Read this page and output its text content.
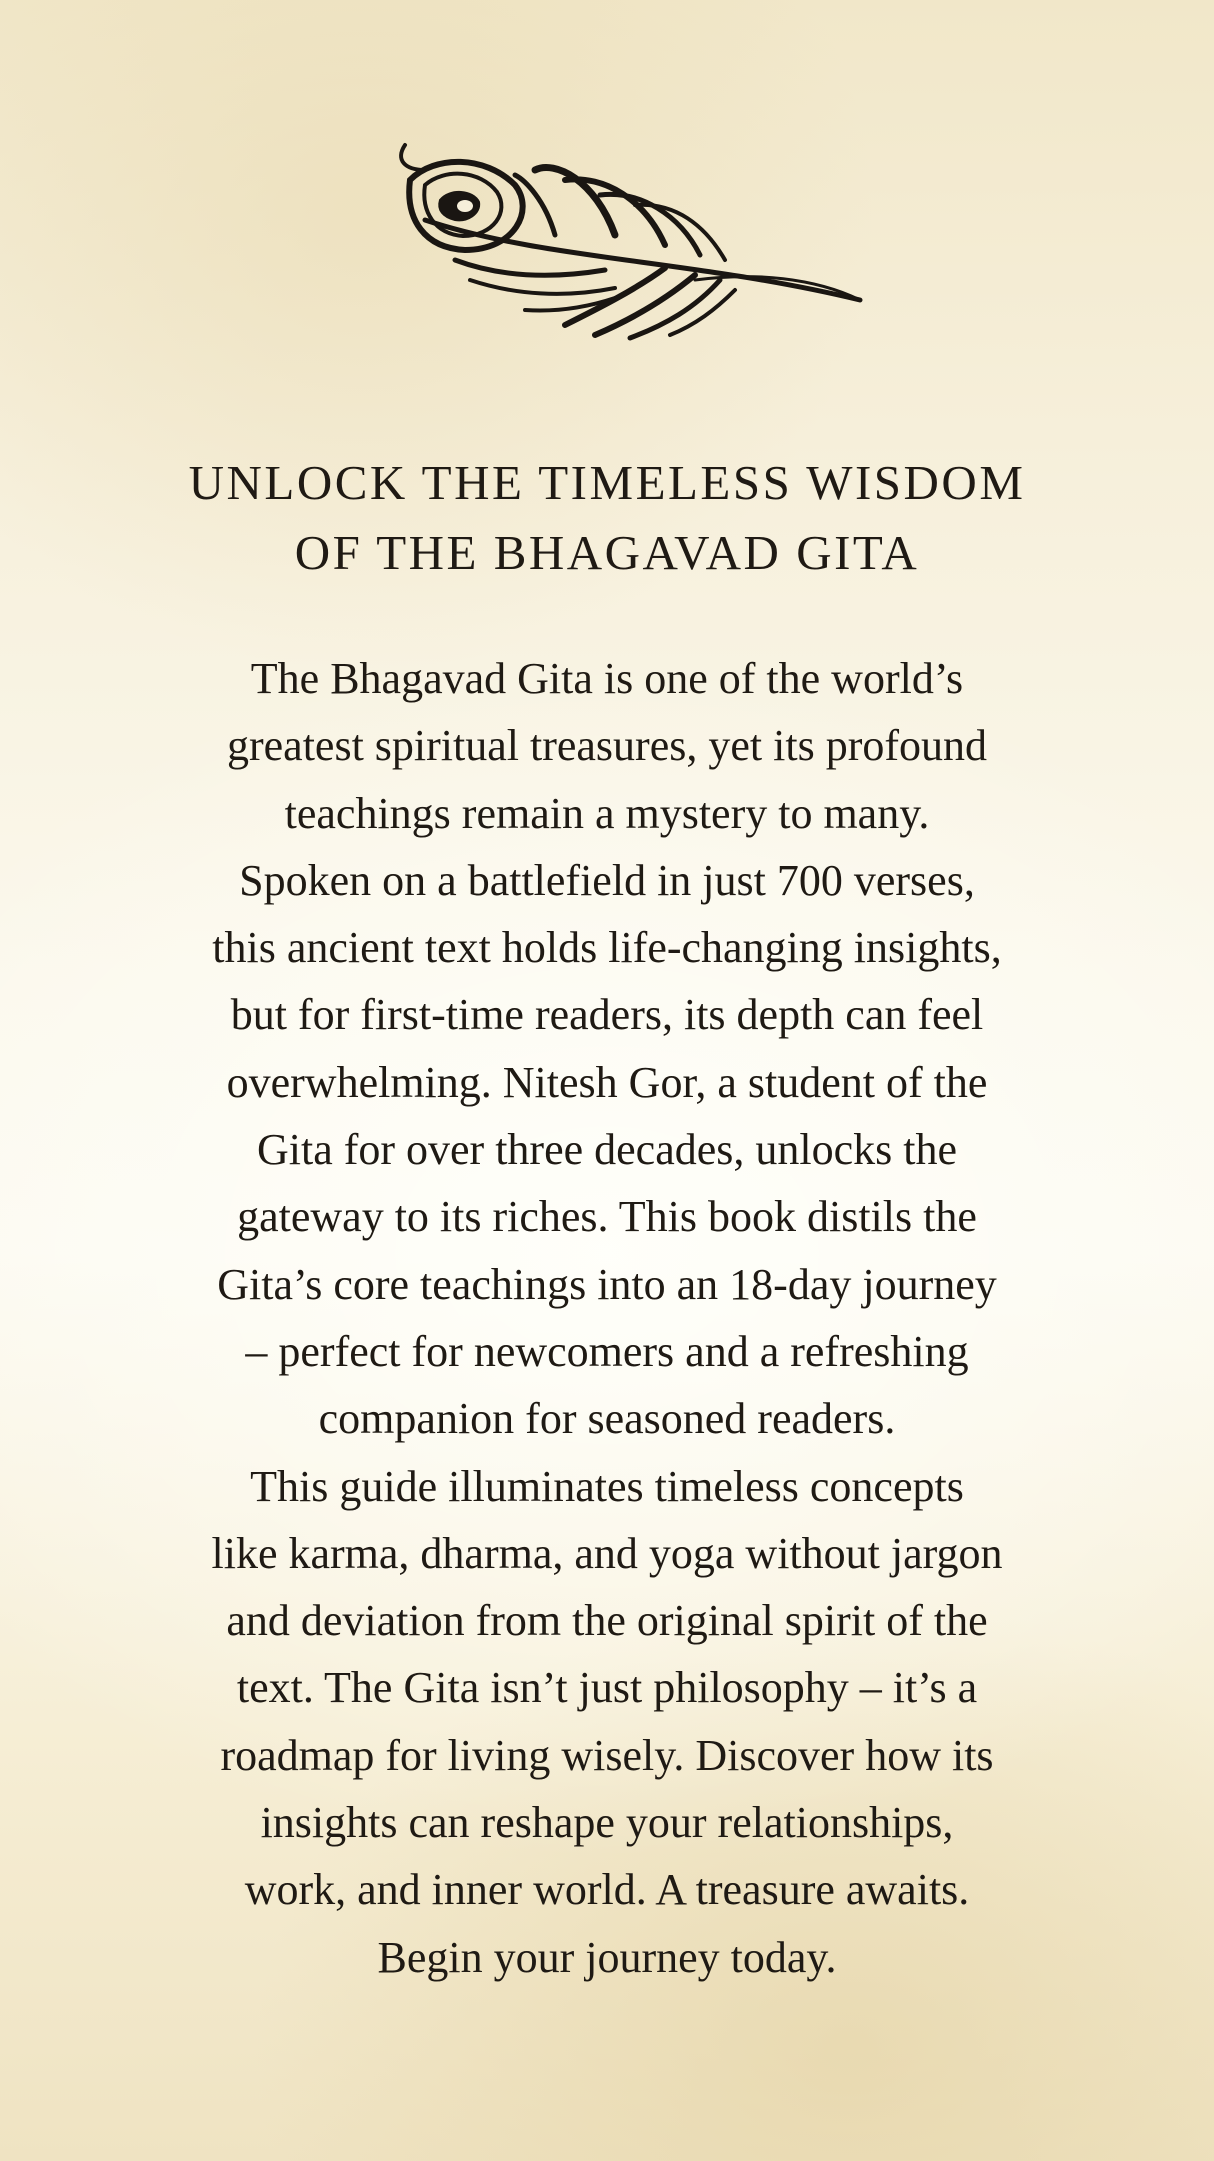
UNLOCK THE TIMELESS WISDOM
OF THE BHAGAVAD GITA
The Bhagavad Gita is one of the world’s
greatest spiritual treasures, yet its profound
teachings remain a mystery to many.
Spoken on a battlefield in just 700 verses,
this ancient text holds life-changing insights,
but for first-time readers, its depth can feel
overwhelming. Nitesh Gor, a student of the
Gita for over three decades, unlocks the
gateway to its riches. This book distils the
Gita’s core teachings into an 18-day journey
– perfect for newcomers and a refreshing
companion for seasoned readers.
This guide illuminates timeless concepts
like karma, dharma, and yoga without jargon
and deviation from the original spirit of the
text. The Gita isn’t just philosophy – it’s a
roadmap for living wisely. Discover how its
insights can reshape your relationships,
work, and inner world. A treasure awaits.
Begin your journey today.
